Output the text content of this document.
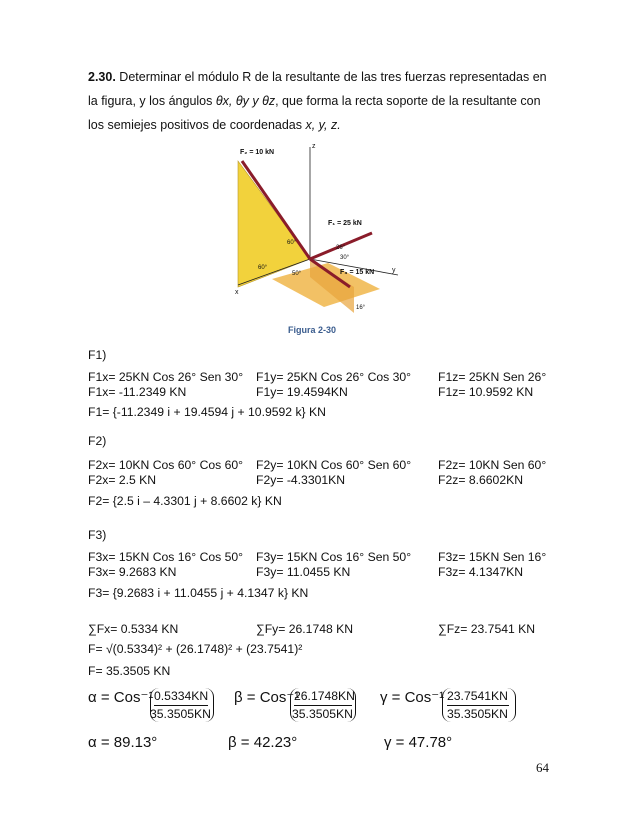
2.30. Determinar el módulo R de la resultante de las tres fuerzas representadas en
la figura, y los ángulos θx, θy y θz, que forma la recta soporte de la resultante con
los semiejes positivos de coordenadas x, y, z.
F₂ = 10 kN
F₁ = 25 kN
F₃ = 15 kN
z
y
x
60°
60°
26°
30°
50°
16°
Figura 2-30
F1)
F1x= 25KN Cos 26° Sen 30° F1y= 25KN Cos 26° Cos 30° F1z= 25KN Sen 26°
F1x= -11.2349 KN	F1y= 19.4594KN	F1z= 10.9592 KN
F1= {-11.2349 i + 19.4594 j + 10.9592 k} KN
F2)
F2x= 10KN Cos 60° Cos 60° F2y= 10KN Cos 60° Sen 60° F2z= 10KN Sen 60°
F2x= 2.5 KN	F2y= -4.3301KN	F2z= 8.6602KN
F2= {2.5 i – 4.3301 j + 8.6602 k} KN
F3)
F3x= 15KN Cos 16° Cos 50° F3y= 15KN Cos 16° Sen 50° F3z= 15KN Sen 16°
F3x= 9.2683 KN	F3y= 11.0455 KN	F3z= 4.1347KN
F3= {9.2683 i + 11.0455 j + 4.1347 k} KN
∑Fx= 0.5334 KN	∑Fy= 26.1748 KN	∑Fz= 23.7541 KN
F= √(0.5334)² + (26.1748)² + (23.7541)²
F= 35.3505 KN
α = Cos⁻¹ 0.5334KN
35.3505KN
β = Cos⁻¹
26.1748KN
35.3505KN
γ = Cos⁻¹ 23.7541KN
35.3505KN
α = 89.13°	β = 42.23°	γ = 47.78°
64
